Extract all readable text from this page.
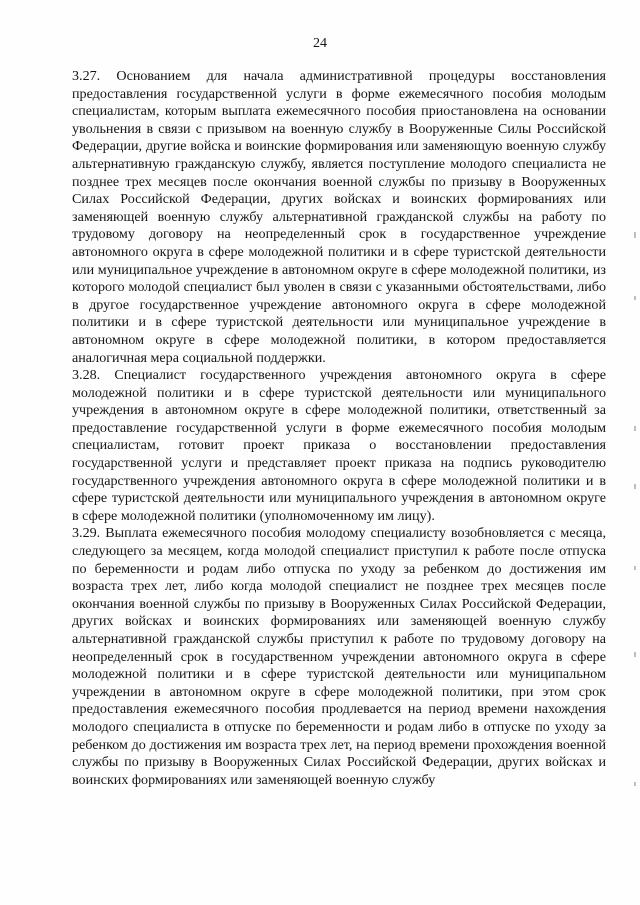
24

3.27. Основанием для начала административной процедуры восстановления предоставления государственной услуги в форме ежемесячного пособия молодым специалистам, которым выплата ежемесячного пособия приостановлена на основании увольнения в связи с призывом на военную службу в Вооруженные Силы Российской Федерации, другие войска и воинские формирования или заменяющую военную службу альтернативную гражданскую службу, является поступление молодого специалиста не позднее трех месяцев после окончания военной службы по призыву в Вооруженных Силах Российской Федерации, других войсках и воинских формированиях или заменяющей военную службу альтернативной гражданской службы на работу по трудовому договору на неопределенный срок в государственное учреждение автономного округа в сфере молодежной политики и в сфере туристской деятельности или муниципальное учреждение в автономном округе в сфере молодежной политики, из которого молодой специалист был уволен в связи с указанными обстоятельствами, либо в другое государственное учреждение автономного округа в сфере молодежной политики и в сфере туристской деятельности или муниципальное учреждение в автономном округе в сфере молодежной политики, в котором предоставляется аналогичная мера социальной поддержки.

3.28. Специалист государственного учреждения автономного округа в сфере молодежной политики и в сфере туристской деятельности или муниципального учреждения в автономном округе в сфере молодежной политики, ответственный за предоставление государственной услуги в форме ежемесячного пособия молодым специалистам, готовит проект приказа о восстановлении предоставления государственной услуги и представляет проект приказа на подпись руководителю государственного учреждения автономного округа в сфере молодежной политики и в сфере туристской деятельности или муниципального учреждения в автономном округе в сфере молодежной политики (уполномоченному им лицу).

3.29. Выплата ежемесячного пособия молодому специалисту возобновляется с месяца, следующего за месяцем, когда молодой специалист приступил к работе после отпуска по беременности и родам либо отпуска по уходу за ребенком до достижения им возраста трех лет, либо когда молодой специалист не позднее трех месяцев после окончания военной службы по призыву в Вооруженных Силах Российской Федерации, других войсках и воинских формированиях или заменяющей военную службу альтернативной гражданской службы приступил к работе по трудовому договору на неопределенный срок в государственном учреждении автономного округа в сфере молодежной политики и в сфере туристской деятельности или муниципальном учреждении в автономном округе в сфере молодежной политики, при этом срок предоставления ежемесячного пособия продлевается на период времени нахождения молодого специалиста в отпуске по беременности и родам либо в отпуске по уходу за ребенком до достижения им возраста трех лет, на период времени прохождения военной службы по призыву в Вооруженных Силах Российской Федерации, других войсках и воинских формированиях или заменяющей военную службу
